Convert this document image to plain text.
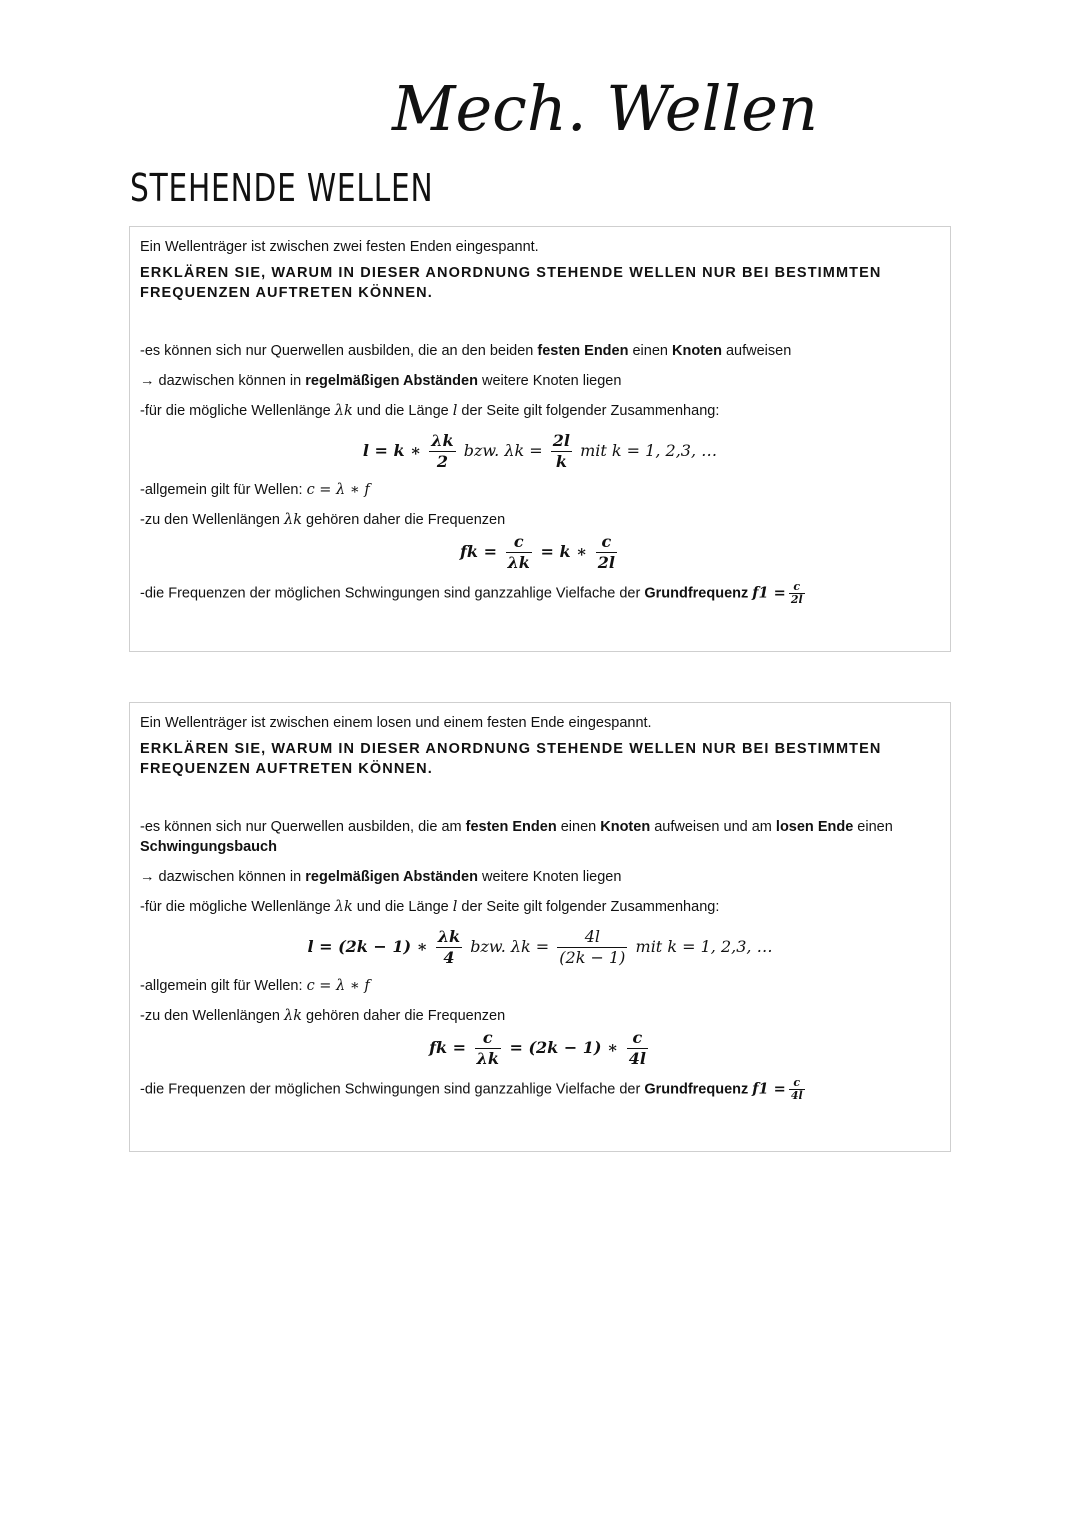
Mech. Wellen
STEHENDE WELLEN

Ein Wellenträger ist zwischen zwei festen Enden eingespannt.

ERKLÄREN SIE, WARUM IN DIESER ANORDNUNG STEHENDE WELLEN NUR BEI BESTIMMTEN FREQUENZEN AUFTRETEN KÖNNEN.

-es können sich nur Querwellen ausbilden, die an den beiden festen Enden einen Knoten aufweisen

→ dazwischen können in regelmäßigen Abständen weitere Knoten liegen

-für die mögliche Wellenlänge λk und die Länge l der Seite gilt folgender Zusammenhang:

l = k ∗ $\frac{\lambda k}{2}$ bzw. $\lambda k = \frac{2l}{k}$ mit k = 1, 2,3, …

-allgemein gilt für Wellen: c = λ ∗ f

-zu den Wellenlängen λk gehören daher die Frequenzen

fk = $\frac{c}{\lambda k} = k$ ∗ $\frac{c}{2l}$

-die Frequenzen der möglichen Schwingungen sind ganzzahlige Vielfache der Grundfrequenz $f1 = \frac{c}{2l}$

Ein Wellenträger ist zwischen einem losen und einem festen Ende eingespannt.

ERKLÄREN SIE, WARUM IN DIESER ANORDNUNG STEHENDE WELLEN NUR BEI BESTIMMTEN FREQUENZEN AUFTRETEN KÖNNEN.

-es können sich nur Querwellen ausbilden, die am festen Enden einen Knoten aufweisen und am losen Ende einen Schwingungsbauch

→ dazwischen können in regelmäßigen Abständen weitere Knoten liegen

-für die mögliche Wellenlänge λk und die Länge l der Seite gilt folgender Zusammenhang:

l = (2k − 1) ∗ $\frac{\lambda k}{4}$ bzw. $\lambda k = \frac{4l}{(2k - 1)}$ mit k = 1, 2,3, …

-allgemein gilt für Wellen: c = λ ∗ f

-zu den Wellenlängen λk gehören daher die Frequenzen

fk = $\frac{c}{\lambda k} = (2k - 1)$ ∗ $\frac{c}{4l}$

-die Frequenzen der möglichen Schwingungen sind ganzzahlige Vielfache der Grundfrequenz $f1 = \frac{c}{4l}$
